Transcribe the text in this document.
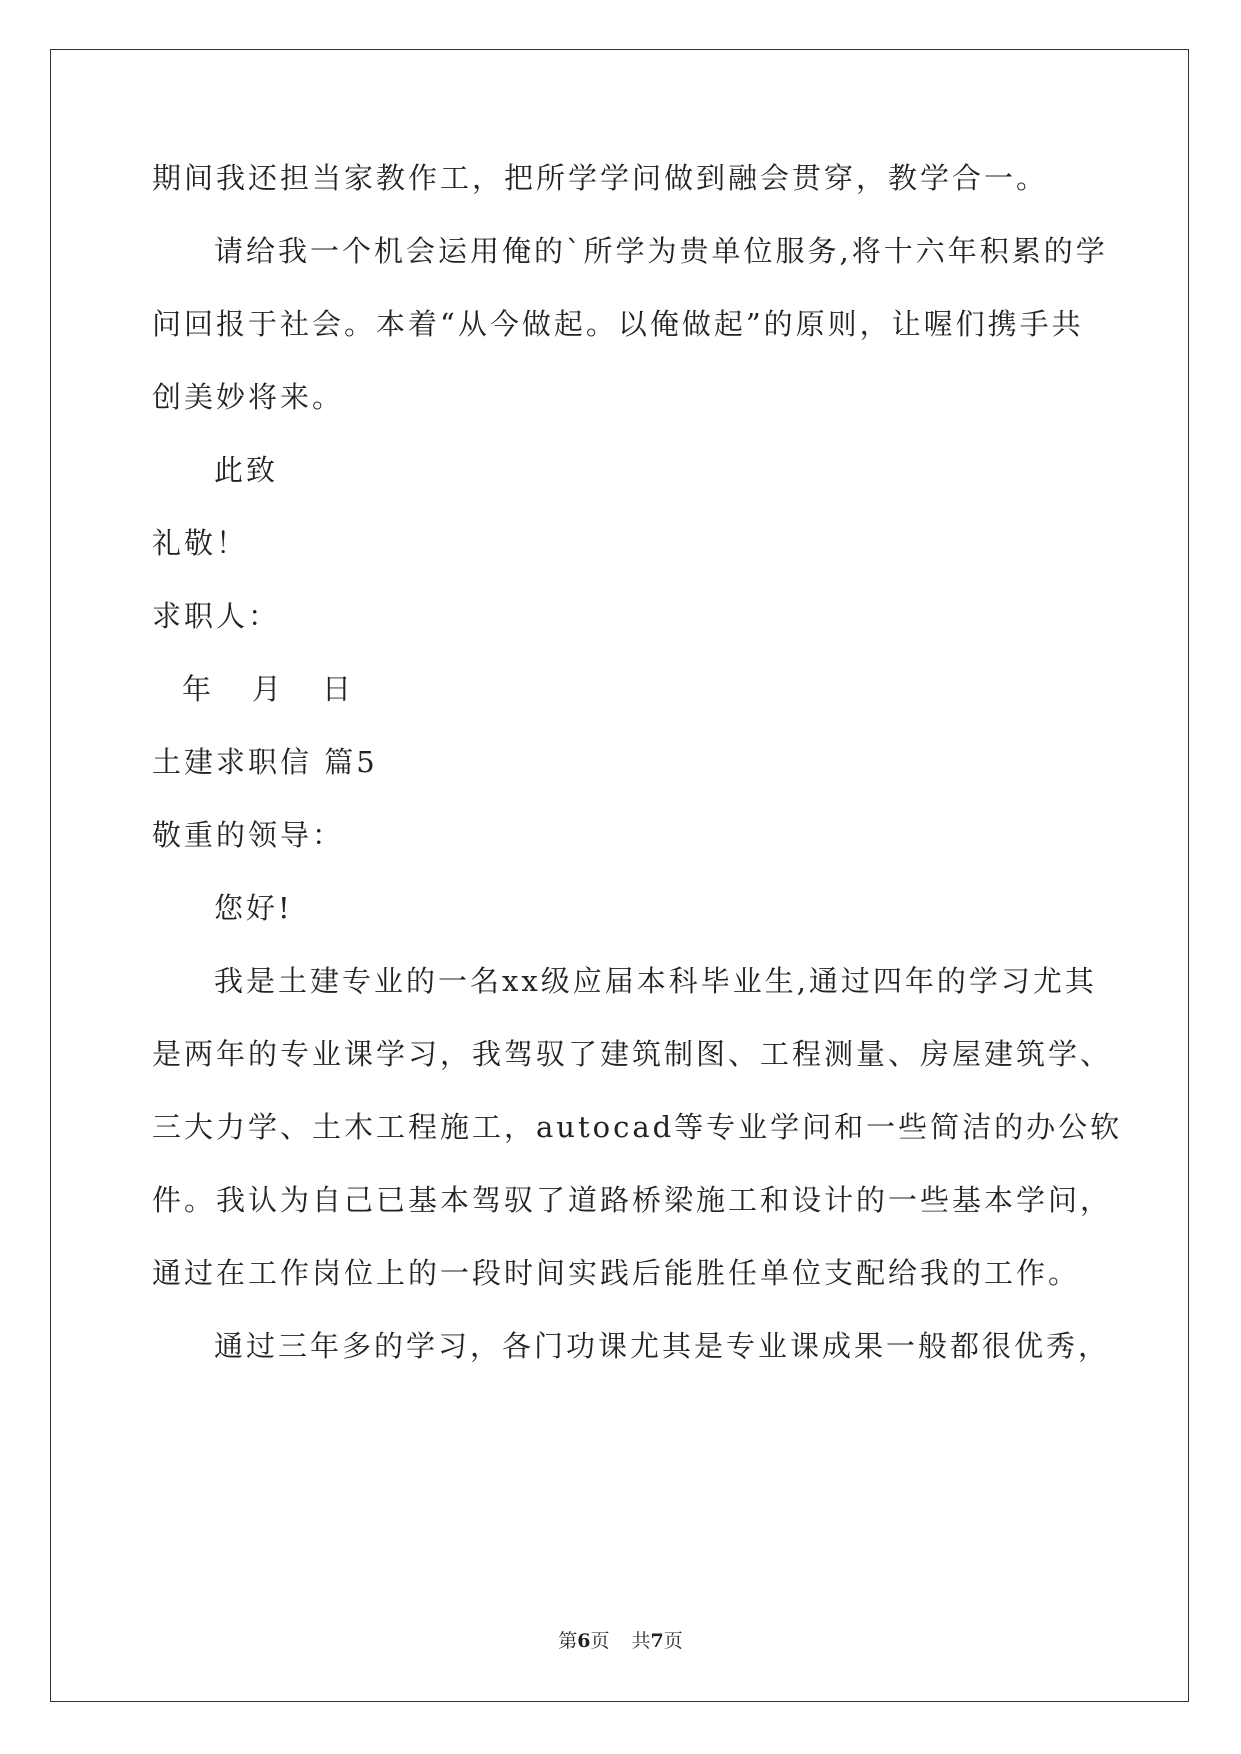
期间我还担当家教作工，把所学学问做到融会贯穿，教学合一。
请给我一个机会运用俺的`所学为贵单位服务,将十六年积累的学
问回报于社会。本着“从今做起。以俺做起”的原则，让喔们携手共
创美妙将来。
此致
礼敬！
求职人：
年 月 日
土建求职信 篇5
敬重的领导：
您好!
我是土建专业的一名xx级应届本科毕业生,通过四年的学习尤其
是两年的专业课学习，我驾驭了建筑制图、工程测量、房屋建筑学、
三大力学、土木工程施工，autocad等专业学问和一些简洁的办公软
件。我认为自己已基本驾驭了道路桥梁施工和设计的一些基本学问，
通过在工作岗位上的一段时间实践后能胜任单位支配给我的工作。
通过三年多的学习，各门功课尤其是专业课成果一般都很优秀，
第6页 共7页
